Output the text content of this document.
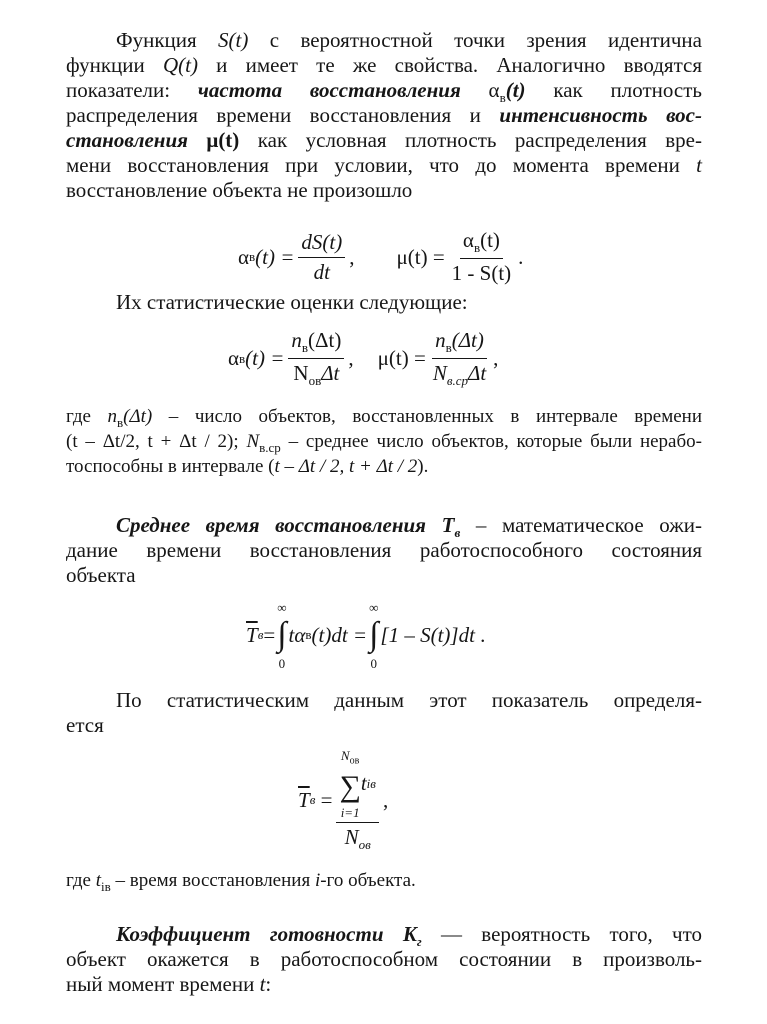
Функция S(t) с вероятностной точки зрения идентична
функции Q(t) и имеет те же свойства. Аналогично вводятся
показатели: частота восстановления $\alpha_в(t)$ как плотность
распределения времени восстановления и интенсивность вос-
становления μ(t) как условная плотность распределения вре-
мени восстановления при условии, что до момента времени t
восстановление объекта не произошло
α в $(t) = \frac{dS(t)}{dt}$ , μ(t) =
$\alpha_в(t)$
1 - S(t)
.
Их статистические оценки следующие:
α в (t) =
$n_в(\Delta t)$
$N_{ов}\Delta t$
, μ(t) =
$n_в(\Delta t)$
$N_{в.ср}\Delta t$
,
где $n_в(\Delta t)$ – число объектов, восстановленных в интервале времени
(t – Δt/2, t + Δt / 2); $N_{в.ср}$ – среднее число объектов, которые были нерабо-
тоспособны в интервале (t – Δt / 2, t + Δt / 2).
Среднее время восстановления $T_в$ – математическое ожи-
дание времени восстановления работоспособного состояния
объекта
$\overline{T}$ в =
∞
∫
0
tα в (t)dt =
∞
∫
0
[1 – S(t)]dt
.
По статистическим данным этот показатель определя-
ется
$\overline{T}$ в
=
$N_{ов}$
∑
i=1
t iв
$N_{ов}$
,
где $t_{iв}$ – время восстановления i-го объекта.
Коэффициент готовности $K_г$ — вероятность того, что
объект окажется в работоспособном состоянии в произволь-
ный момент времени t:
